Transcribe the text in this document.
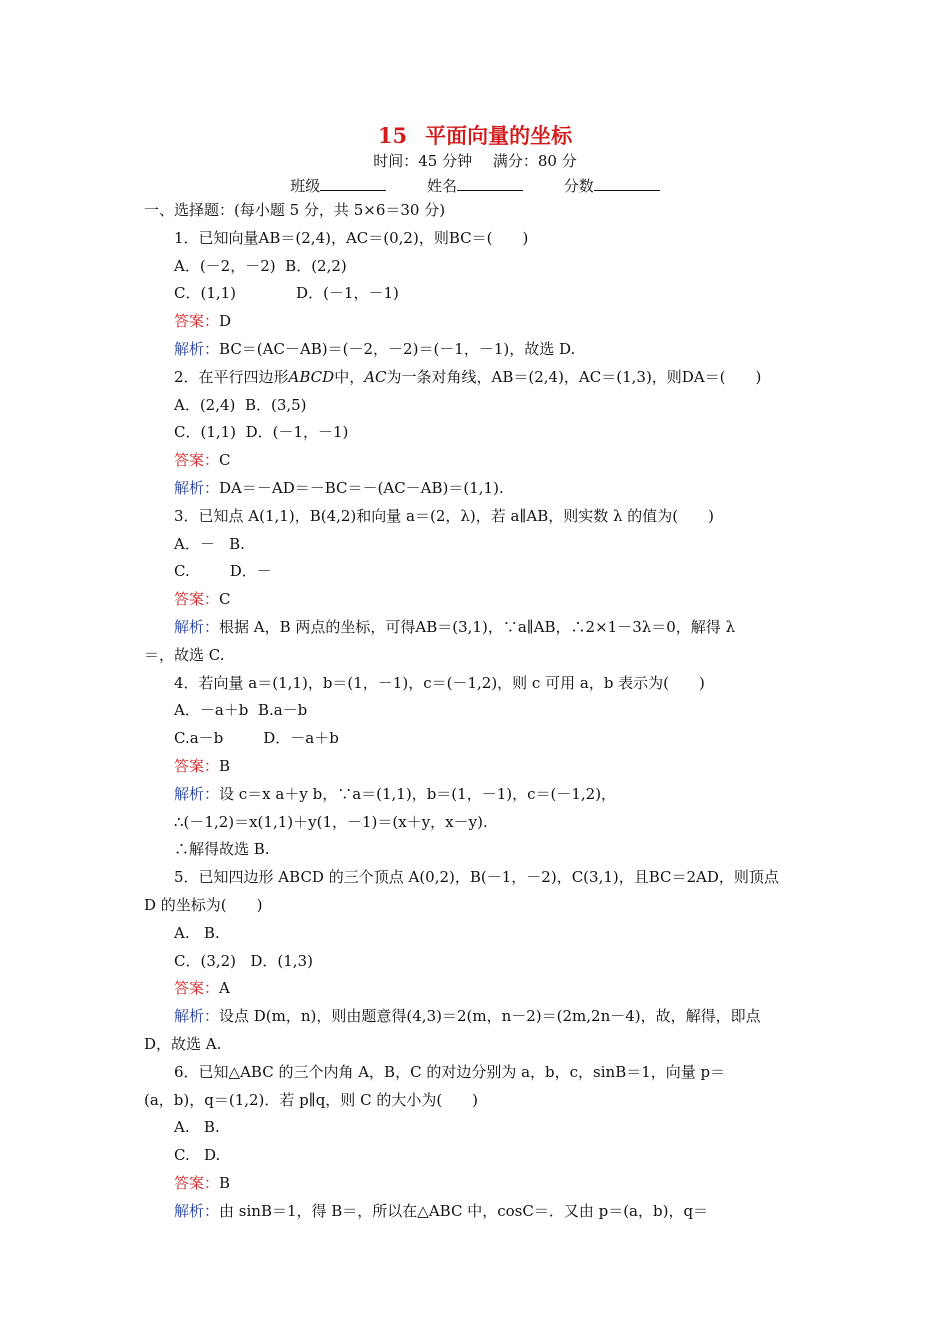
15 平面向量的坐标
时间：45 分钟 满分：80 分
班级	姓名	分数
一、选择题：(每小题 5 分，共 5×6＝30 分)
1．已知向量AB＝(2,4)，AC＝(0,2)，则BC＝(　　)
A．(－2，－2) B．(2,2)
C．(1,1)	D．(－1，－1)
答案：D
解析：BC＝(AC－AB)＝(－2，－2)＝(－1，－1)，故选 D.
2．在平行四边形ABCD中，AC为一条对角线，AB＝(2,4)，AC＝(1,3)，则DA＝(　　)
A．(2,4) B．(3,5)
C．(1,1) D．(－1，－1)
答案：C
解析：DA＝－AD＝－BC＝－(AC－AB)＝(1,1).
3．已知点 A(1,1)，B(4,2)和向量 a＝(2，λ)，若 a∥AB，则实数 λ 的值为(　　)
A．－ B.
C.	D．－
答案：C
解析：根据 A，B 两点的坐标，可得AB＝(3,1)，∵a∥AB，∴2×1－3λ＝0，解得 λ
＝，故选 C.
4．若向量 a＝(1,1)，b＝(1，－1)，c＝(－1,2)，则 c 可用 a，b 表示为(　　)
A．－a＋b B.a－b
C.a－b	D．－a＋b
答案：B
解析：设 c＝x a＋y b，∵a＝(1,1)，b＝(1，－1)，c＝(－1,2)，
∴(－1,2)＝x(1,1)＋y(1，－1)＝(x＋y，x－y).
∴解得故选 B.
5．已知四边形 ABCD 的三个顶点 A(0,2)，B(－1，－2)，C(3,1)，且BC＝2AD，则顶点
D 的坐标为(　　)
A. B.
C．(3,2) D．(1,3)
答案：A
解析：设点 D(m，n)，则由题意得(4,3)＝2(m，n－2)＝(2m,2n－4)，故，解得，即点
D，故选 A.
6．已知△ABC 的三个内角 A，B，C 的对边分别为 a，b，c，sinB＝1，向量 p＝
(a，b)，q＝(1,2)．若 p∥q，则 C 的大小为(　　)
A. B.
C. D.
答案：B
解析：由 sinB＝1，得 B＝，所以在△ABC 中，cosC＝．又由 p＝(a，b)，q＝
